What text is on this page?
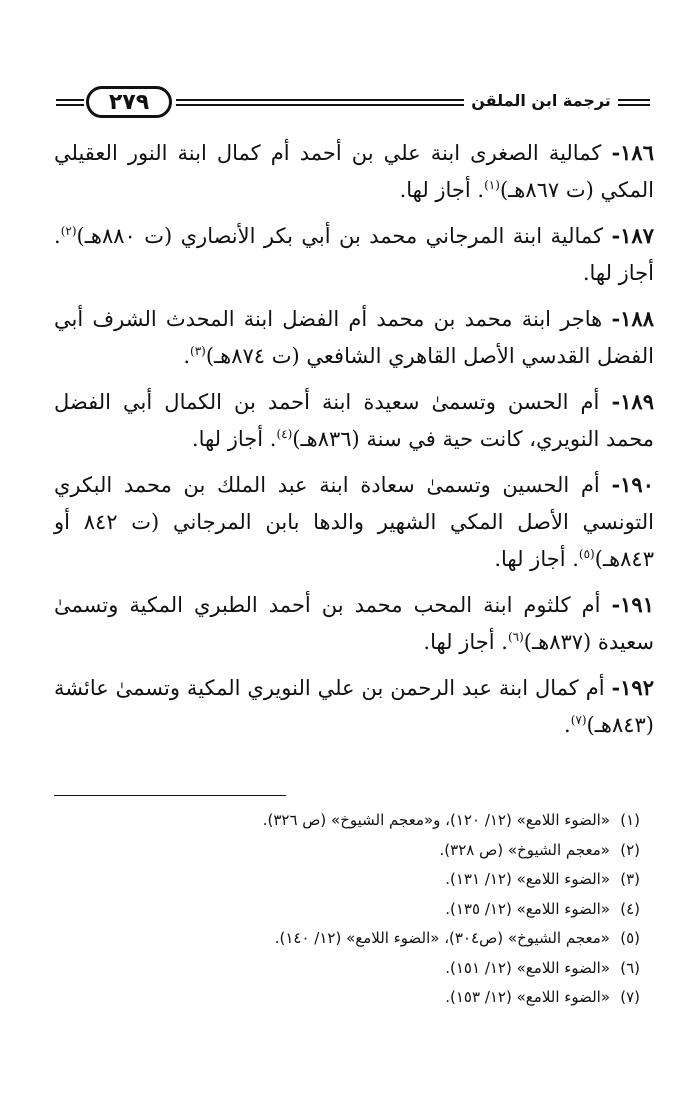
ترجمة ابن الملقن
٢٧٩

١٨٦- كمالية الصغرى ابنة علي بن أحمد أم كمال ابنة النور العقيلي المكي (ت ٨٦٧هـ)$^{(١)}$. أجاز لها.

١٨٧- كمالية ابنة المرجاني محمد بن أبي بكر الأنصاري (ت ٨٨٠هـ)$^{(٢)}$. أجاز لها.

١٨٨- هاجر ابنة محمد بن محمد أم الفضل ابنة المحدث الشرف أبي الفضل القدسي الأصل القاهري الشافعي (ت ٨٧٤هـ)$^{(٣)}$.

١٨٩- أم الحسن وتسمىٰ سعيدة ابنة أحمد بن الكمال أبي الفضل محمد النويري، كانت حية في سنة (٨٣٦هـ)$^{(٤)}$. أجاز لها.

١٩٠- أم الحسين وتسمىٰ سعادة ابنة عبد الملك بن محمد البكري التونسي الأصل المكي الشهير والدها بابن المرجاني (ت ٨٤٢ أو ٨٤٣هـ)$^{(٥)}$. أجاز لها.

١٩١- أم كلثوم ابنة المحب محمد بن أحمد الطبري المكية وتسمىٰ سعيدة (٨٣٧هـ)$^{(٦)}$. أجاز لها.

١٩٢- أم كمال ابنة عبد الرحمن بن علي النويري المكية وتسمىٰ عائشة (٨٤٣هـ)$^{(٧)}$.

(١)«الضوء اللامع» (١٢/ ١٢٠)، و«معجم الشيوخ» (ص ٣٢٦).
(٢)«معجم الشيوخ» (ص ٣٢٨).
(٣)«الضوء اللامع» (١٢/ ١٣١).
(٤)«الضوء اللامع» (١٢/ ١٣٥).
(٥)«معجم الشيوخ» (ص٣٠٤)، «الضوء اللامع» (١٢/ ١٤٠).
(٦)«الضوء اللامع» (١٢/ ١٥١).
(٧)«الضوء اللامع» (١٢/ ١٥٣).
